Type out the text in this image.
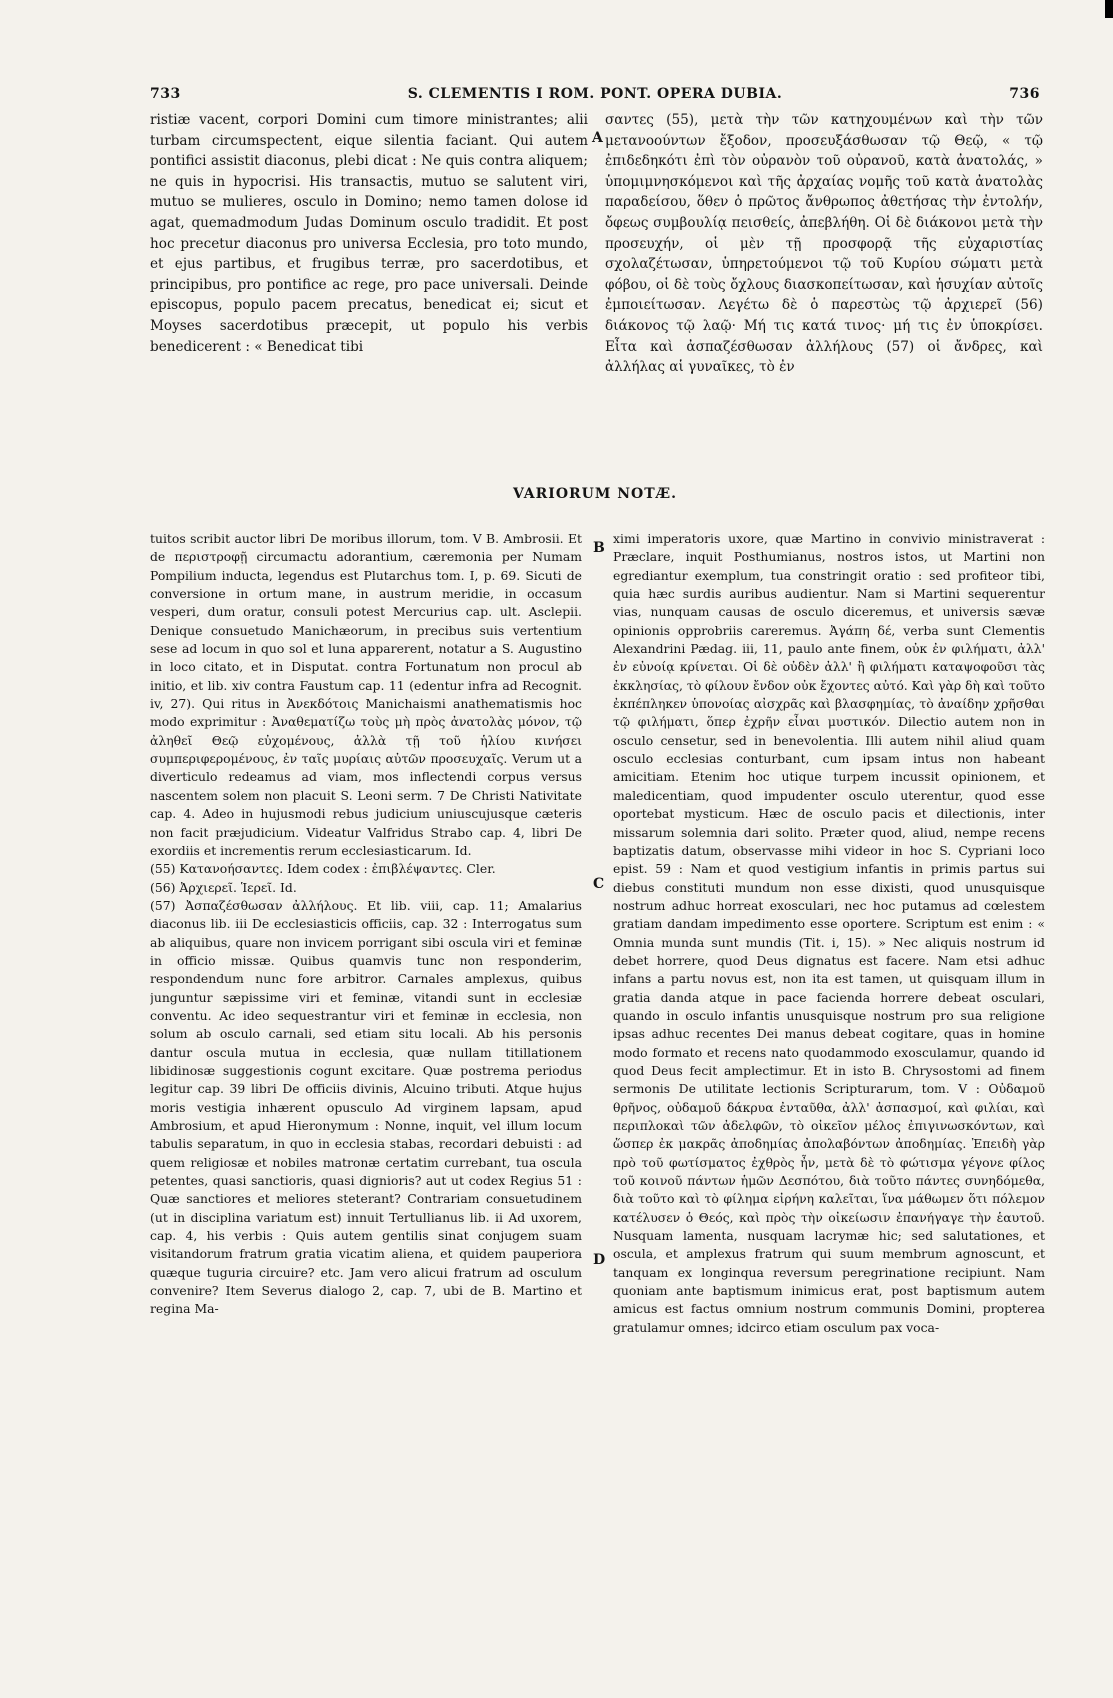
733	S. CLEMENTIS I ROM. PONT. OPERA DUBIA.	736

ristiæ vacent, corpori Domini cum timore ministrantes; alii turbam circumspectent, eique silentia faciant. Qui autem pontifici assistit diaconus, plebi dicat : Ne quis contra aliquem; ne quis in hypocrisi. His transactis, mutuo se salutent viri, mutuo se mulieres, osculo in Domino; nemo tamen dolose id agat, quemadmodum Judas Dominum osculo tradidit. Et post hoc precetur diaconus pro universa Ecclesia, pro toto mundo, et ejus partibus, et frugibus terræ, pro sacerdotibus, et principibus, pro pontifice ac rege, pro pace universali. Deinde episcopus, populo pacem precatus, benedicat ei; sicut et Moyses sacerdotibus præcepit, ut populo his verbis benedicerent : « Benedicat tibi

A

σαντες (55), μετὰ τὴν τῶν κατηχουμένων καὶ τὴν τῶν μετανοούντων ἔξοδον, προσευξάσθωσαν τῷ Θεῷ, « τῷ ἐπιδεδηκότι ἐπὶ τὸν οὐρανὸν τοῦ οὐρανοῦ, κατὰ ἀνατολάς, » ὑπομιμνησκόμενοι καὶ τῆς ἀρχαίας νομῆς τοῦ κατὰ ἀνατολὰς παραδείσου, ὅθεν ὁ πρῶτος ἄνθρωπος ἀθετήσας τὴν ἐντολήν, ὄφεως συμβουλίᾳ πεισθείς, ἀπεβλήθη. Οἱ δὲ διάκονοι μετὰ τὴν προσευχήν, οἱ μὲν τῇ προσφορᾷ τῆς εὐχαριστίας σχολαζέτωσαν, ὑπηρετούμενοι τῷ τοῦ Κυρίου σώματι μετὰ φόβου, οἱ δὲ τοὺς ὄχλους διασκοπείτωσαν, καὶ ἡσυχίαν αὐτοῖς ἐμποιείτωσαν. Λεγέτω δὲ ὁ παρεστὼς τῷ ἀρχιερεῖ (56) διάκονος τῷ λαῷ· Μή τις κατά τινος· μή τις ἐν ὑποκρίσει. Εἶτα καὶ ἀσπαζέσθωσαν ἀλλήλους (57) οἱ ἄνδρες, καὶ ἀλλήλας αἱ γυναῖκες, τὸ ἐν

VARIORUM NOTÆ.

tuitos scribit auctor libri De moribus illorum, tom. V B. Ambrosii. Et de περιστροφῇ circumactu adorantium, cæremonia per Numam Pompilium inducta, legendus est Plutarchus tom. I, p. 69. Sicuti de conversione in ortum mane, in austrum meridie, in occasum vesperi, dum oratur, consuli potest Mercurius cap. ult. Asclepii. Denique consuetudo Manichæorum, in precibus suis vertentium sese ad locum in quo sol et luna apparerent, notatur a S. Augustino in loco citato, et in Disputat. contra Fortunatum non procul ab initio, et lib. xiv contra Faustum cap. 11 (edentur infra ad Recognit. iv, 27). Qui ritus in Ἀνεκδότοις Manichaismi anathematismis hoc modo exprimitur : Ἀναθεματίζω τοὺς μὴ πρὸς ἀνατολὰς μόνον, τῷ ἀληθεῖ Θεῷ εὐχομένους, ἀλλὰ τῇ τοῦ ἡλίου κινήσει συμπεριφερομένους, ἐν ταῖς μυρίαις αὐτῶν προσευχαῖς. Verum ut a diverticulo redeamus ad viam, mos inflectendi corpus versus nascentem solem non placuit S. Leoni serm. 7 De Christi Nativitate cap. 4. Adeo in hujusmodi rebus judicium uniuscujusque cæteris non facit præjudicium. Videatur Valfridus Strabo cap. 4, libri De exordiis et incrementis rerum ecclesiasticarum. Id.

(55) Κατανοήσαντες. Idem codex : ἐπιβλέψαντες. Cler.

(56) Ἀρχιερεῖ. Ἱερεῖ. Id.

(57) Ἀσπαζέσθωσαν ἀλλήλους. Et lib. viii, cap. 11; Amalarius diaconus lib. iii De ecclesiasticis officiis, cap. 32 : Interrogatus sum ab aliquibus, quare non invicem porrigant sibi oscula viri et feminæ in officio missæ. Quibus quamvis tunc non responderim, respondendum nunc fore arbitror. Carnales amplexus, quibus junguntur sæpissime viri et feminæ, vitandi sunt in ecclesiæ conventu. Ac ideo sequestrantur viri et feminæ in ecclesia, non solum ab osculo carnali, sed etiam situ locali. Ab his personis dantur oscula mutua in ecclesia, quæ nullam titillationem libidinosæ suggestionis cogunt excitare. Quæ postrema periodus legitur cap. 39 libri De officiis divinis, Alcuino tributi. Atque hujus moris vestigia inhærent opusculo Ad virginem lapsam, apud Ambrosium, et apud Hieronymum : Nonne, inquit, vel illum locum tabulis separatum, in quo in ecclesia stabas, recordari debuisti : ad quem religiosæ et nobiles matronæ certatim currebant, tua oscula petentes, quasi sanctioris, quasi dignioris? aut ut codex Regius 51 : Quæ sanctiores et meliores steterant? Contrariam consuetudinem (ut in disciplina variatum est) innuit Tertullianus lib. ii Ad uxorem, cap. 4, his verbis : Quis autem gentilis sinat conjugem suam visitandorum fratrum gratia vicatim aliena, et quidem pauperiora quæque tuguria circuire? etc. Jam vero alicui fratrum ad osculum convenire? Item Severus dialogo 2, cap. 7, ubi de B. Martino et regina Ma-

B
C
D

ximi imperatoris uxore, quæ Martino in convivio ministraverat : Præclare, inquit Posthumianus, nostros istos, ut Martini non egrediantur exemplum, tua constringit oratio : sed profiteor tibi, quia hæc surdis auribus audientur. Nam si Martini sequerentur vias, nunquam causas de osculo diceremus, et universis sævæ opinionis opprobriis careremus. Ἀγάπη δέ, verba sunt Clementis Alexandrini Pædag. iii, 11, paulo ante finem, οὐκ ἐν φιλήματι, ἀλλ' ἐν εὐνοίᾳ κρίνεται. Οἱ δὲ οὐδὲν ἀλλ' ἢ φιλήματι καταψοφοῦσι τὰς ἐκκλησίας, τὸ φίλουν ἔνδον οὐκ ἔχοντες αὐτό. Καὶ γὰρ δὴ καὶ τοῦτο ἐκπέπληκεν ὑπονοίας αἰσχρᾶς καὶ βλασφημίας, τὸ ἀναίδην χρῆσθαι τῷ φιλήματι, ὅπερ ἐχρῆν εἶναι μυστικόν. Dilectio autem non in osculo censetur, sed in benevolentia. Illi autem nihil aliud quam osculo ecclesias conturbant, cum ipsam intus non habeant amicitiam. Etenim hoc utique turpem incussit opinionem, et maledicentiam, quod impudenter osculo uterentur, quod esse oportebat mysticum. Hæc de osculo pacis et dilectionis, inter missarum solemnia dari solito. Præter quod, aliud, nempe recens baptizatis datum, observasse mihi videor in hoc S. Cypriani loco epist. 59 : Nam et quod vestigium infantis in primis partus sui diebus constituti mundum non esse dixisti, quod unusquisque nostrum adhuc horreat exosculari, nec hoc putamus ad cœlestem gratiam dandam impedimento esse oportere. Scriptum est enim : « Omnia munda sunt mundis (Tit. i, 15). » Nec aliquis nostrum id debet horrere, quod Deus dignatus est facere. Nam etsi adhuc infans a partu novus est, non ita est tamen, ut quisquam illum in gratia danda atque in pace facienda horrere debeat osculari, quando in osculo infantis unusquisque nostrum pro sua religione ipsas adhuc recentes Dei manus debeat cogitare, quas in homine modo formato et recens nato quodammodo exosculamur, quando id quod Deus fecit amplectimur. Et in isto B. Chrysostomi ad finem sermonis De utilitate lectionis Scripturarum, tom. V : Οὐδαμοῦ θρῆνος, οὐδαμοῦ δάκρυα ἐνταῦθα, ἀλλ' ἀσπασμοί, καὶ φιλίαι, καὶ περιπλοκαὶ τῶν ἀδελφῶν, τὸ οἰκεῖον μέλος ἐπιγινωσκόντων, καὶ ὥσπερ ἐκ μακρᾶς ἀποδημίας ἀπολαβόντων ἀποδημίας. Ἐπειδὴ γὰρ πρὸ τοῦ φωτίσματος ἐχθρὸς ἦν, μετὰ δὲ τὸ φώτισμα γέγονε φίλος τοῦ κοινοῦ πάντων ἡμῶν Δεσπότου, διὰ τοῦτο πάντες συνηδόμεθα, διὰ τοῦτο καὶ τὸ φίλημα εἰρήνη καλεῖται, ἵνα μάθωμεν ὅτι πόλεμον κατέλυσεν ὁ Θεός, καὶ πρὸς τὴν οἰκείωσιν ἐπανήγαγε τὴν ἑαυτοῦ. Nusquam lamenta, nusquam lacrymæ hic; sed salutationes, et oscula, et amplexus fratrum qui suum membrum agnoscunt, et tanquam ex longinqua reversum peregrinatione recipiunt. Nam quoniam ante baptismum inimicus erat, post baptismum autem amicus est factus omnium nostrum communis Domini, propterea gratulamur omnes; idcirco etiam osculum pax voca-
